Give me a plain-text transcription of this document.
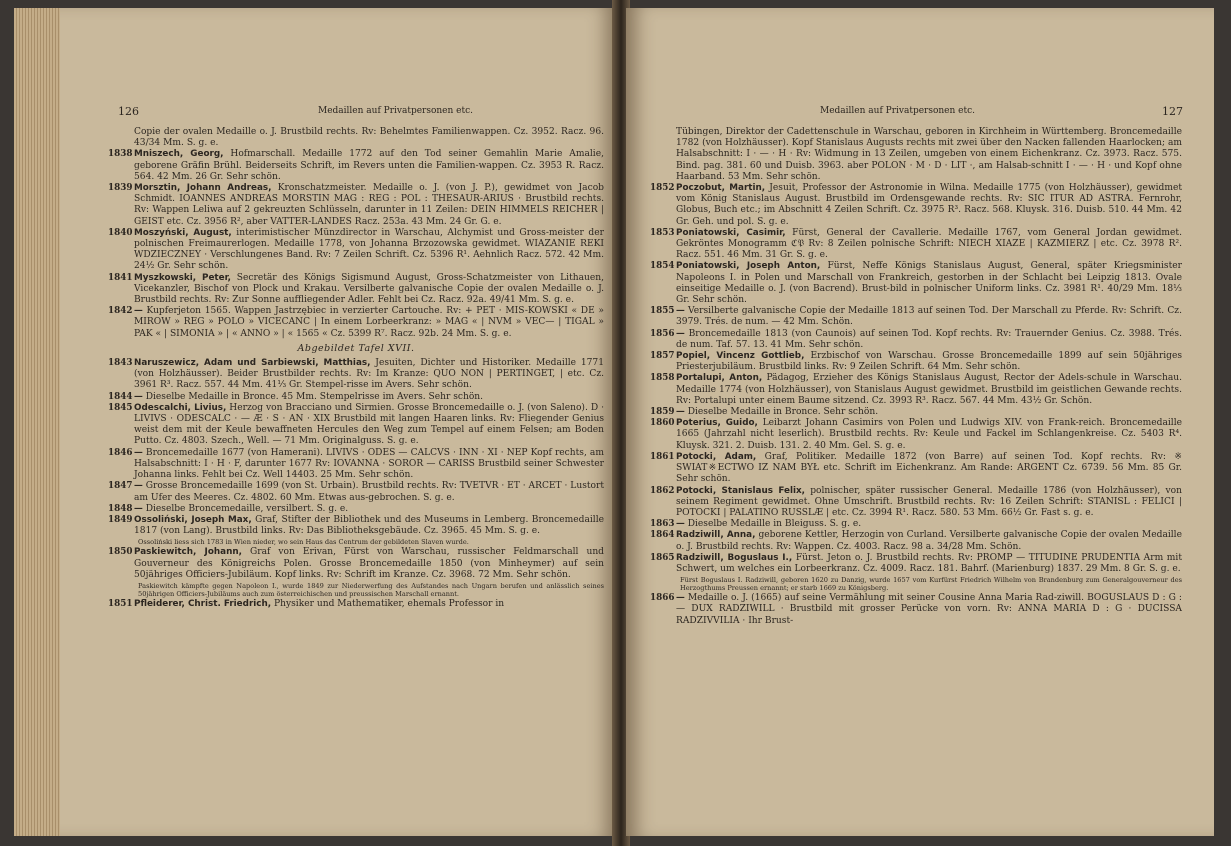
126	Medaillen auf Privatpersonen etc.

Copie der ovalen Medaille o. J. Brustbild rechts. Rv: Behelmtes Familienwappen. Cz. 3952. Racz. 96. 43/34 Mm. S. g. e.

1838 Mniszech, Georg, Hofmarschall. Medaille 1772 auf den Tod seiner Gemahlin Marie Amalie, geborene Gräfin Brühl. Beiderseits Schrift, im Revers unten die Familien-wappen. Cz. 3953 R. Racz. 564. 42 Mm. 26 Gr. Sehr schön.

1839 Morsztin, Johann Andreas, Kronschatzmeister. Medaille o. J. (von J. P.), gewidmet von Jacob Schmidt. IOANNES ANDREAS MORSTIN MAG : REG : POL : THESAUR-ARIUS · Brustbild rechts. Rv: Wappen Leliwa auf 2 gekreuzten Schlüsseln, darunter in 11 Zeilen: DEIN HIMMELS REICHER | GEIST etc. Cz. 3956 R², aber VATTER-LANDES Racz. 253a. 43 Mm. 24 Gr. G. e.

1840 Moszyński, August, interimistischer Münzdirector in Warschau, Alchymist und Gross-meister der polnischen Freimaurerlogen. Medaille 1778, von Johanna Brzozowska gewidmet. WIAZANIE REKI WDZIECZNEY · Verschlungenes Band. Rv: 7 Zeilen Schrift. Cz. 5396 R¹. Aehnlich Racz. 572. 42 Mm. 24½ Gr. Sehr schön.

1841 Myszkowski, Peter, Secretär des Königs Sigismund August, Gross-Schatzmeister von Lithauen, Vicekanzler, Bischof von Plock und Krakau. Versilberte galvanische Copie der ovalen Medaille o. J. Brustbild rechts. Rv: Zur Sonne auffliegender Adler. Fehlt bei Cz. Racz. 92a. 49/41 Mm. S. g. e.

1842 — Kupferjeton 1565. Wappen Jastrzębiec in verzierter Cartouche. Rv: + PET · MIS-KOWSKI « DE » MIROW » REG » POLO » VICECANC | In einem Lorbeerkranz: » MAG « | NVM » VEC— | TIGAL » PAK « | SIMONIA » | « ANNO » | « 1565 « Cz. 5399 R⁷. Racz. 92b. 24 Mm. S. g. e.

Abgebildet Tafel XVII.

1843 Naruszewicz, Adam und Sarbiewski, Matthias, Jesuiten, Dichter und Historiker. Medaille 1771 (von Holzhäusser). Beider Brustbilder rechts. Rv: Im Kranze: QUO NON | PERTINGET, | etc. Cz. 3961 R³. Racz. 557. 44 Mm. 41⅓ Gr. Stempel-risse im Avers. Sehr schön.

1844 — Dieselbe Medaille in Bronce. 45 Mm. Stempelrisse im Avers. Sehr schön.

1845 Odescalchi, Livius, Herzog von Bracciano und Sirmien. Grosse Broncemedaille o. J. (von Saleno). D · LIVIVS · ODESCALC · — Æ · S · AN · XIX Brustbild mit langen Haaren links. Rv: Fliegender Genius weist dem mit der Keule bewaffneten Hercules den Weg zum Tempel auf einem Felsen; am Boden Putto. Cz. 4803. Szech., Well. — 71 Mm. Originalguss. S. g. e.

1846 — Broncemedaille 1677 (von Hamerani). LIVIVS · ODES — CALCVS · INN · XI · NEP Kopf rechts, am Halsabschnitt: I · H · F, darunter 1677 Rv: IOVANNA · SOROR — CARISS Brustbild seiner Schwester Johanna links. Fehlt bei Cz. Well 14403. 25 Mm. Sehr schön.

1847 — Grosse Broncemedaille 1699 (von St. Urbain). Brustbild rechts. Rv: TVETVR · ET · ARCET · Lustort am Ufer des Meeres. Cz. 4802. 60 Mm. Etwas aus-gebrochen. S. g. e.

1848 — Dieselbe Broncemedaille, versilbert. S. g. e.

1849 Ossoliński, Joseph Max, Graf, Stifter der Bibliothek und des Museums in Lemberg. Broncemedaille 1817 (von Lang). Brustbild links. Rv: Das Bibliotheksgebäude. Cz. 3965. 45 Mm. S. g. e.

Ossoliński liess sich 1783 in Wien nieder, wo sein Haus das Centrum der gebildeten Slaven wurde.

1850 Paskiewitch, Johann, Graf von Erivan, Fürst von Warschau, russischer Feldmarschall und Gouverneur des Königreichs Polen. Grosse Broncemedaille 1850 (von Minheymer) auf sein 50jähriges Officiers-Jubiläum. Kopf links. Rv: Schrift im Kranze. Cz. 3968. 72 Mm. Sehr schön.

Paskiewitch kämpfte gegen Napoleon I., wurde 1849 zur Niederwerfung des Aufstandes nach Ungarn berufen und anlässlich seines 50jährigen Officiers-Jubiläums auch zum österreichischen und preussischen Marschall ernannt.

1851 Pfleiderer, Christ. Friedrich, Physiker und Mathematiker, ehemals Professor in

Medaillen auf Privatpersonen etc.	127

Tübingen, Direktor der Cadettenschule in Warschau, geboren in Kirchheim in Württemberg. Broncemedaille 1782 (von Holzhäusser). Kopf Stanislaus Augusts rechts mit zwei über den Nacken fallenden Haarlocken; am Halsabschnitt: I · — · H · Rv: Widmung in 13 Zeilen, umgeben von einem Eichenkranz. Cz. 3973. Racz. 575. Bind. pag. 381. 60 und Duisb. 3963. aber POLON · M · D · LIT ·, am Halsab-schnitt I · — · H · und Kopf ohne Haarband. 53 Mm. Sehr schön.

1852 Poczobut, Martin, Jesuit, Professor der Astronomie in Wilna. Medaille 1775 (von Holzhäusser), gewidmet vom König Stanislaus August. Brustbild im Ordensgewande rechts. Rv: SIC ITUR AD ASTRA. Fernrohr, Globus, Buch etc.; im Abschnitt 4 Zeilen Schrift. Cz. 3975 R³. Racz. 568. Kluysk. 316. Duisb. 510. 44 Mm. 42 Gr. Geh. und pol. S. g. e.

1853 Poniatowski, Casimir, Fürst, General der Cavallerie. Medaille 1767, vom General Jordan gewidmet. Gekröntes Monogramm ℭ𝔓 Rv: 8 Zeilen polnische Schrift: NIECH XIAZE | KAZMIERZ | etc. Cz. 3978 R². Racz. 551. 46 Mm. 31 Gr. S. g. e.

1854 Poniatowski, Joseph Anton, Fürst, Neffe Königs Stanislaus August, General, später Kriegsminister Napoleons I. in Polen und Marschall von Frankreich, gestorben in der Schlacht bei Leipzig 1813. Ovale einseitige Medaille o. J. (von Bacrend). Brust-bild in polnischer Uniform links. Cz. 3981 R¹. 40/29 Mm. 18⅓ Gr. Sehr schön.

1855 — Versilberte galvanische Copie der Medaille 1813 auf seinen Tod. Der Marschall zu Pferde. Rv: Schrift. Cz. 3979. Trés. de num. — 42 Mm. Schön.

1856 — Broncemedaille 1813 (von Caunois) auf seinen Tod. Kopf rechts. Rv: Trauernder Genius. Cz. 3988. Trés. de num. Taf. 57. 13. 41 Mm. Sehr schön.

1857 Popiel, Vincenz Gottlieb, Erzbischof von Warschau. Grosse Broncemedaille 1899 auf sein 50jähriges Priesterjubiläum. Brustbild links. Rv: 9 Zeilen Schrift. 64 Mm. Sehr schön.

1858 Portalupi, Anton, Pädagog, Erzieher des Königs Stanislaus August, Rector der Adels-schule in Warschau. Medaille 1774 (von Holzhäusser), von Stanislaus August gewidmet. Brustbild im geistlichen Gewande rechts. Rv: Portalupi unter einem Baume sitzend. Cz. 3993 R³. Racz. 567. 44 Mm. 43½ Gr. Schön.

1859 — Dieselbe Medaille in Bronce. Sehr schön.

1860 Poterius, Guido, Leibarzt Johann Casimirs von Polen und Ludwigs XIV. von Frank-reich. Broncemedaille 1665 (Jahrzahl nicht leserlich). Brustbild rechts. Rv: Keule und Fackel im Schlangenkreise. Cz. 5403 R⁴. Kluysk. 321. 2. Duisb. 131. 2. 40 Mm. Gel. S. g. e.

1861 Potocki, Adam, Graf, Politiker. Medaille 1872 (von Barre) auf seinen Tod. Kopf rechts. Rv: ※ SWIAT※ECTWO IZ NAM BYŁ etc. Schrift im Eichenkranz. Am Rande: ARGENT Cz. 6739. 56 Mm. 85 Gr. Sehr schön.

1862 Potocki, Stanislaus Felix, polnischer, später russischer General. Medaille 1786 (von Holzhäusser), von seinem Regiment gewidmet. Ohne Umschrift. Brustbild rechts. Rv: 16 Zeilen Schrift: STANISL : FELICI | POTOCKI | PALATINO RUSSLÆ | etc. Cz. 3994 R¹. Racz. 580. 53 Mm. 66½ Gr. Fast s. g. e.

1863 — Dieselbe Medaille in Bleiguss. S. g. e.

1864 Radziwill, Anna, geborene Kettler, Herzogin von Curland. Versilberte galvanische Copie der ovalen Medaille o. J. Brustbild rechts. Rv: Wappen. Cz. 4003. Racz. 98 a. 34/28 Mm. Schön.

1865 Radziwill, Boguslaus I., Fürst. Jeton o. J. Brustbild rechts. Rv: PROMP — TITUDINE PRUDENTIA Arm mit Schwert, um welches ein Lorbeerkranz. Cz. 4009. Racz. 181. Bahrf. (Marienburg) 1837. 29 Mm. 8 Gr. S. g. e.

Fürst Boguslaus I. Radziwill, geboren 1620 zu Danzig, wurde 1657 vom Kurfürst Friedrich Wilhelm von Brandenburg zum Generalgouverneur des Herzogthums Preussen ernannt; er starb 1669 zu Königsberg.

1866 — Medaille o. J. (1665) auf seine Vermählung mit seiner Cousine Anna Maria Rad-ziwill. BOGUSLAUS D : G : — DUX RADZIWILL · Brustbild mit grosser Perücke von vorn. Rv: ANNA MARIA D : G · DUCISSA RADZIVVILIA · Ihr Brust-
